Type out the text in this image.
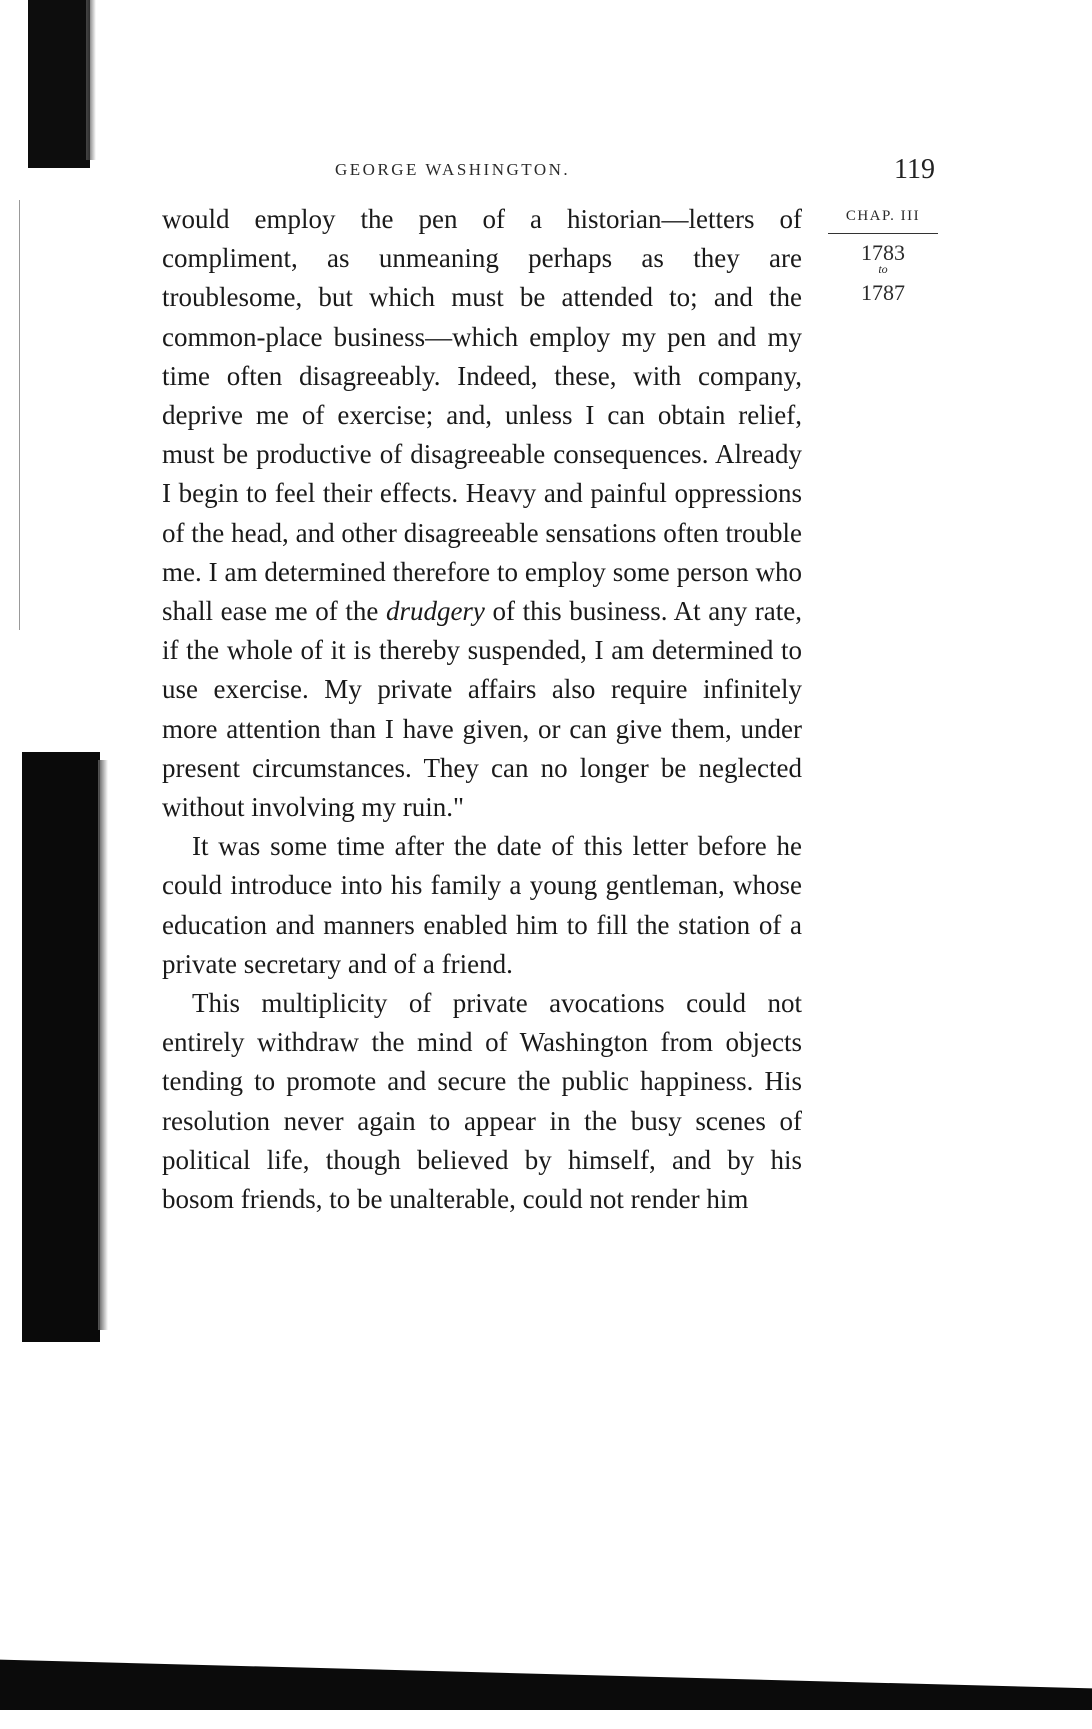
GEORGE WASHINGTON.	119
CHAP. III
1783
to
1787

would employ the pen of a historian—letters of compliment, as unmeaning perhaps as they are troublesome, but which must be attended to; and the common-place business—which employ my pen and my time often disagreeably. Indeed, these, with company, deprive me of exercise; and, unless I can obtain relief, must be productive of disagreeable consequences. Already I begin to feel their effects. Heavy and painful oppressions of the head, and other disagreeable sensations often trouble me. I am determined therefore to employ some person who shall ease me of the drudgery of this business. At any rate, if the whole of it is thereby suspended, I am determined to use exercise. My private affairs also require infinitely more attention than I have given, or can give them, under present circumstances. They can no longer be neglected without involving my ruin."

It was some time after the date of this letter before he could introduce into his family a young gentleman, whose education and manners enabled him to fill the station of a private secretary and of a friend.

This multiplicity of private avocations could not entirely withdraw the mind of Washington from objects tending to promote and secure the public happiness. His resolution never again to appear in the busy scenes of political life, though believed by himself, and by his bosom friends, to be unalterable, could not render him
